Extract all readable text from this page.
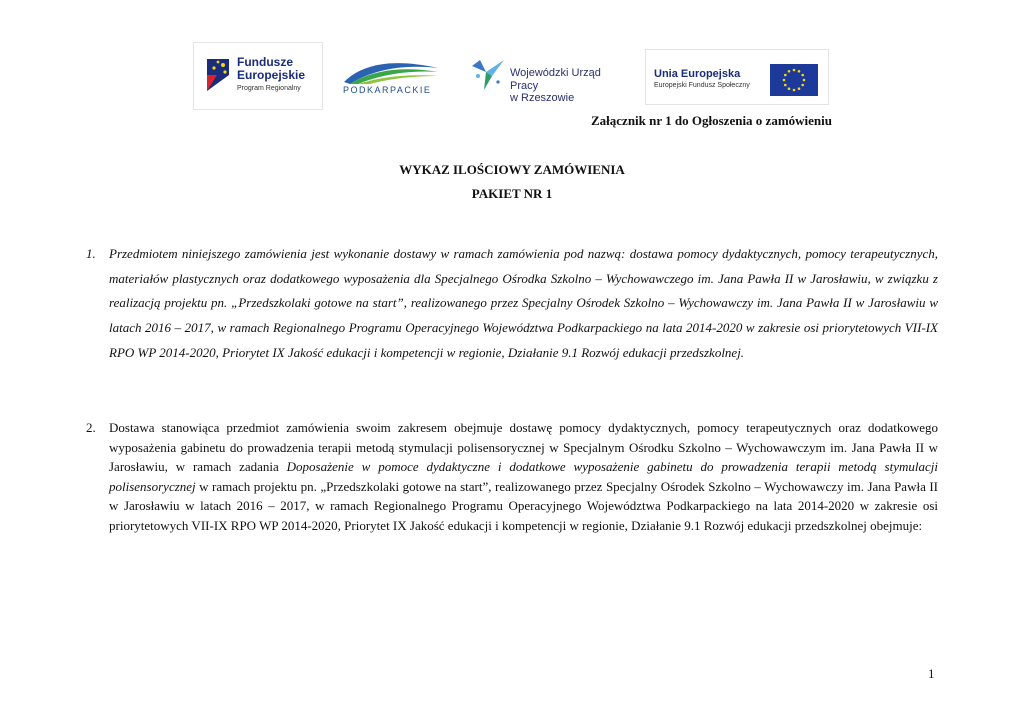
Fundusze
Europejskie
Program Regionalny	PODKARPACKIE
Wojewódzki Urząd Pracy
w Rzeszowie
Unia Europejska
Europejski Fundusz Społeczny
Załącznik nr 1 do Ogłoszenia o zamówieniu
WYKAZ ILOŚCIOWY ZAMÓWIENIA
PAKIET NR 1
1. Przedmiotem niniejszego zamówienia jest wykonanie dostawy w ramach zamówienia pod nazwą: dostawa pomocy dydaktycznych, pomocy terapeutycznych, materiałów plastycznych oraz dodatkowego wyposażenia dla Specjalnego Ośrodka Szkolno – Wychowawczego im. Jana Pawła II w Jarosławiu, w związku z realizacją projektu pn. „Przedszkolaki gotowe na start”, realizowanego przez Specjalny Ośrodek Szkolno – Wychowawczy im. Jana Pawła II w Jarosławiu w latach 2016 – 2017, w ramach Regionalnego Programu Operacyjnego Województwa Podkarpackiego na lata 2014-2020 w zakresie osi priorytetowych VII-IX RPO WP 2014-2020, Priorytet IX Jakość edukacji i kompetencji w regionie, Działanie 9.1 Rozwój edukacji przedszkolnej.
2. Dostawa stanowiąca przedmiot zamówienia swoim zakresem obejmuje dostawę pomocy dydaktycznych, pomocy terapeutycznych oraz dodatkowego wyposażenia gabinetu do prowadzenia terapii metodą stymulacji polisensorycznej w Specjalnym Ośrodku Szkolno – Wychowawczym im. Jana Pawła II w Jarosławiu, w ramach zadania Doposażenie w pomoce dydaktyczne i dodatkowe wyposażenie gabinetu do prowadzenia terapii metodą stymulacji polisensorycznej w ramach projektu pn. „Przedszkolaki gotowe na start”, realizowanego przez Specjalny Ośrodek Szkolno – Wychowawczy im. Jana Pawła II w Jarosławiu w latach 2016 – 2017, w ramach Regionalnego Programu Operacyjnego Województwa Podkarpackiego na lata 2014-2020 w zakresie osi priorytetowych VII-IX RPO WP 2014-2020, Priorytet IX Jakość edukacji i kompetencji w regionie, Działanie 9.1 Rozwój edukacji przedszkolnej obejmuje:
1
